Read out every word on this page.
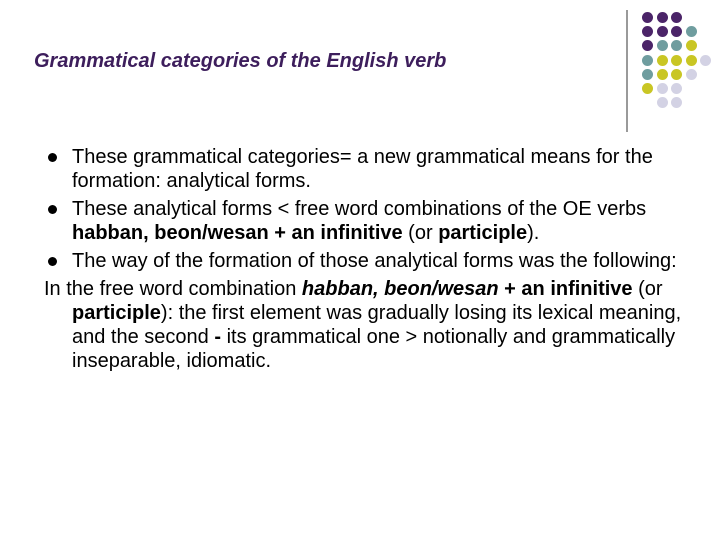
Grammatical categories of the English verb
These grammatical categories= a new grammatical means for the formation: analytical forms.
These analytical forms < free word combinations of the OE verbs habban, beon/wesan + an infinitive (or participle).
The way of the formation of those analytical forms was the following:
In the free word combination habban, beon/wesan + an infinitive (or participle): the first element was gradually losing its lexical meaning, and the second - its grammatical one > notionally and grammatically inseparable, idiomatic.
